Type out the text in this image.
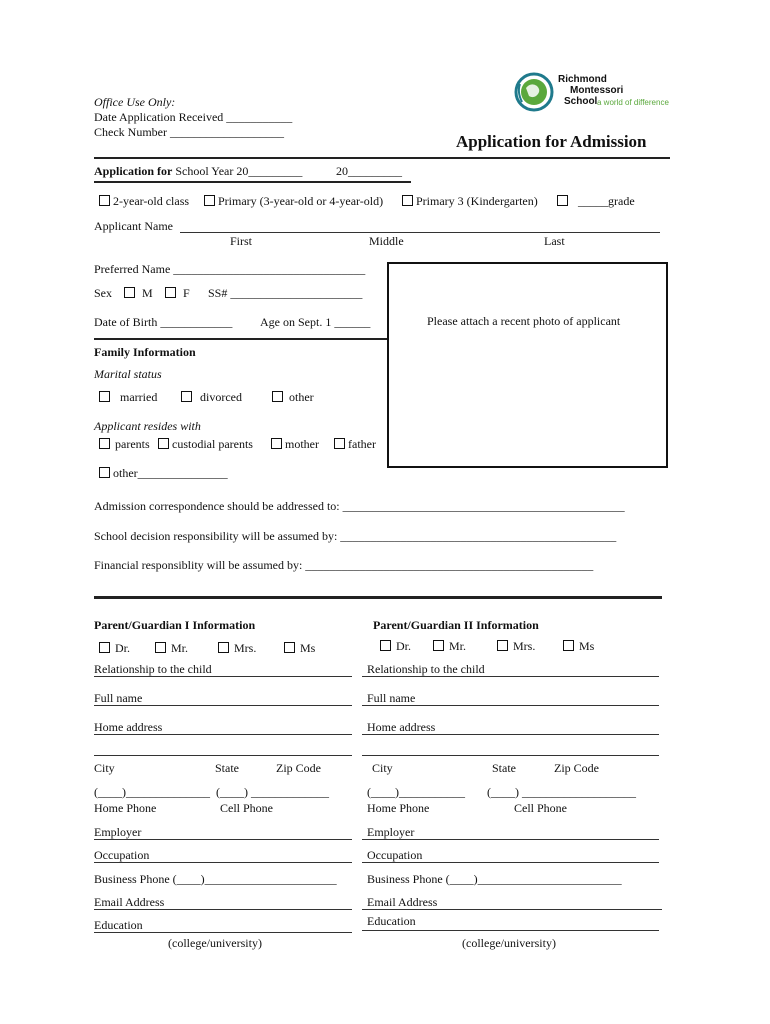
Richmond
Montessori
School a world of difference
Office Use Only:
Date Application Received ___________
Check Number ___________________	Application for Admission
Application for School Year 20_________	20_________
2-year-old class	Primary (3-year-old or 4-year-old)	Primary 3 (Kindergarten)	_____grade
Applicant Name
First	Middle	Last
Preferred Name ________________________________
Sex	M	F SS# ______________________
Date of Birth ____________ Age on Sept. 1 ______	Please attach a recent photo of applicant
Family Information
Marital status
married	divorced	other
Applicant resides with
parents	custodial parents	mother	father
other_______________
Admission correspondence should be addressed to: _______________________________________________
School decision responsibility will be assumed by: ______________________________________________
Financial responsiblity will be assumed by: ________________________________________________
Parent/Guardian I Information
Dr.	Mr.	Mrs.	Ms
Relationship to the child
Full name
Home address
City	State	Zip Code
(____)______________ (____) _____________
Home Phone	Cell Phone
Employer
Occupation
Business Phone (____)______________________
Email Address
Education
(college/university)
Parent/Guardian II Information
Dr.	Mr.	Mrs.	Ms
Relationship to the child
Full name
Home address
City	State	Zip Code
(____)___________ (____) ___________________
Home Phone	Cell Phone
Employer
Occupation
Business Phone (____)________________________
Email Address
Education
(college/university)
